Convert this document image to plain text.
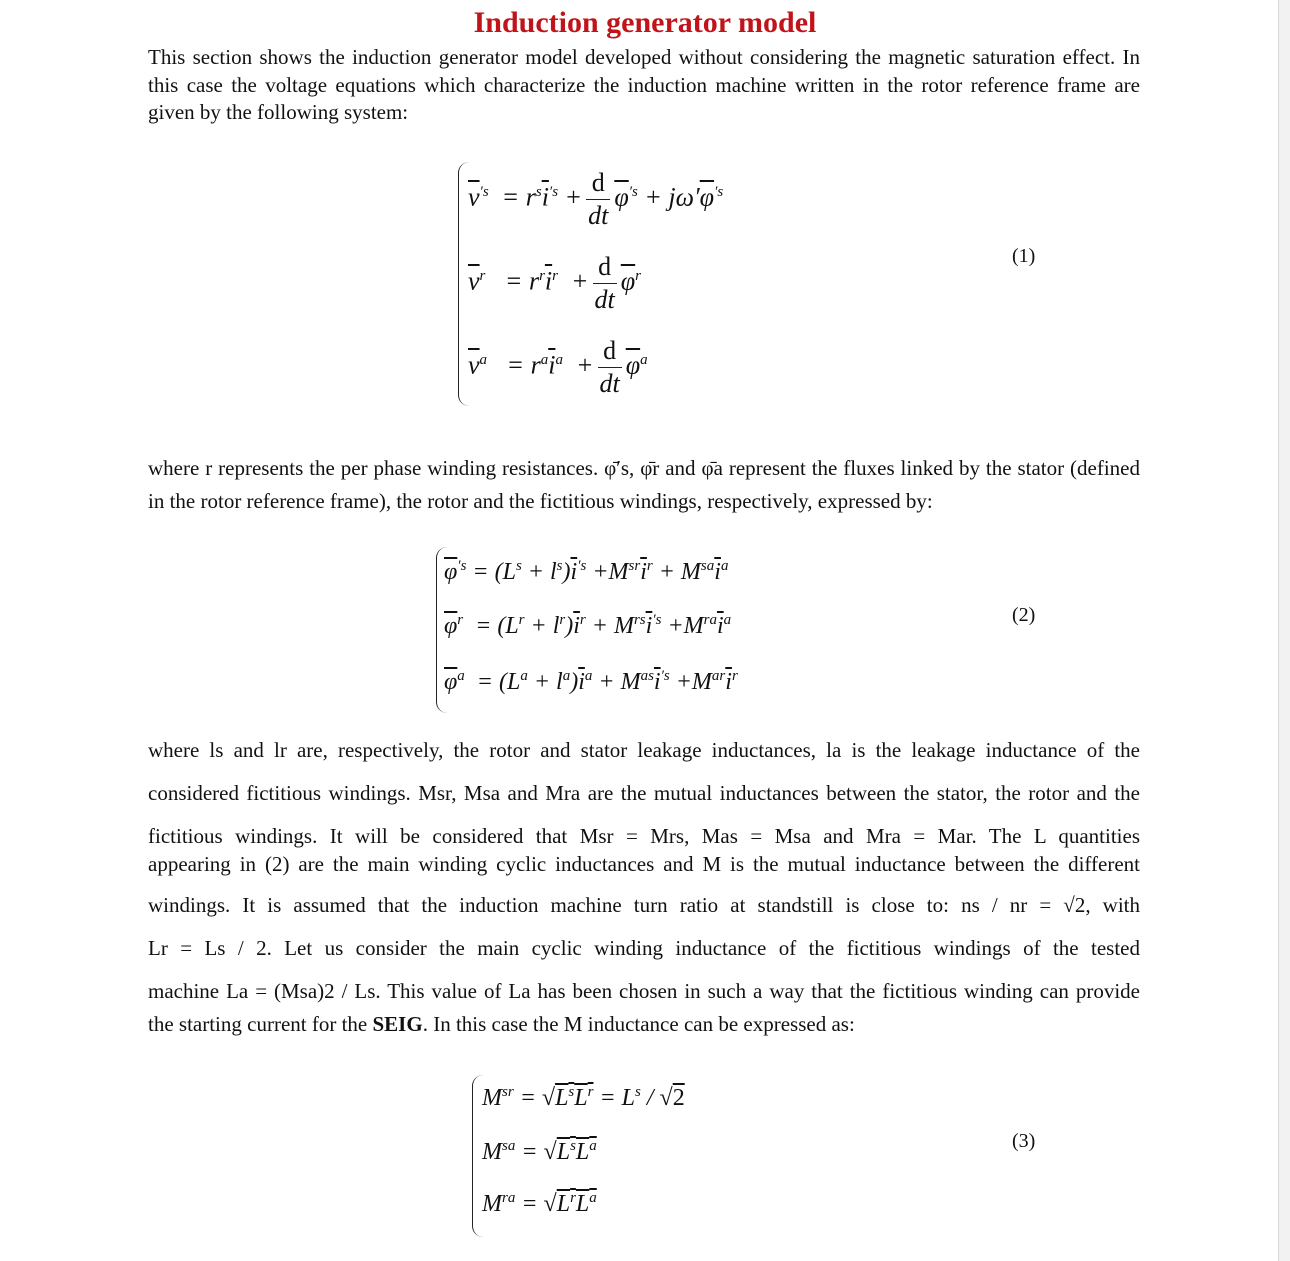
Induction generator model
This section shows the induction generator model developed without considering the magnetic saturation effect. In this case the voltage equations which characterize the induction machine written in the rotor reference frame are given by the following system:
$\overline{v}^{'s} = r^s\overline{i}^{'s} + \frac{d}{dt} \overline{\varphi}^{'s} + j\omega'\overline{\varphi}^{'s}$
$\overline{v}^r = r^r\overline{i}^r + \frac{d}{dt} \overline{\varphi}^r$
$\overline{v}^a = r^a\overline{i}^a + \frac{d}{dt} \overline{\varphi}^a$
(1)
where r represents the per phase winding resistances. φ̄′s, φ̄r and φ̄a represent the fluxes linked by the stator (defined in the rotor reference frame), the rotor and the fictitious windings, respectively, expressed by:
$\overline{\varphi}^{'s} = (L^s + l^s)\overline{i}^{'s} +M^{sr}\overline{i}^r + M^{sa}\overline{i}^a$
$\overline{\varphi}^r = (L^r + l^r)\overline{i}^r + M^{rs}\overline{i}^{'s} +M^{ra}\overline{i}^a$
$\overline{\varphi}^a = (L^a + l^a)\overline{i}^a + M^{as}\overline{i}^{'s} +M^{ar}\overline{i}^r$
(2)
where ls and lr are, respectively, the rotor and stator leakage inductances, la is the leakage inductance of the
considered fictitious windings. Msr, Msa and Mra are the mutual inductances between the stator, the rotor and the
fictitious windings. It will be considered that Msr = Mrs, Mas = Msa and Mra = Mar. The L quantities
appearing in (2) are the main winding cyclic inductances and M is the mutual inductance between the different
windings. It is assumed that the induction machine turn ratio at standstill is close to: ns / nr = √2, with
Lr = Ls / 2. Let us consider the main cyclic winding inductance of the fictitious windings of the tested
machine La = (Msa)2 / Ls. This value of La has been chosen in such a way that the fictitious winding can provide
the starting current for the SEIG. In this case the M inductance can be expressed as:
$M^{sr} = √L^sL^r = L^s / √2$
$M^{sa} = √L^sL^a$
$M^{ra} = √L^rL^a$
(3)
